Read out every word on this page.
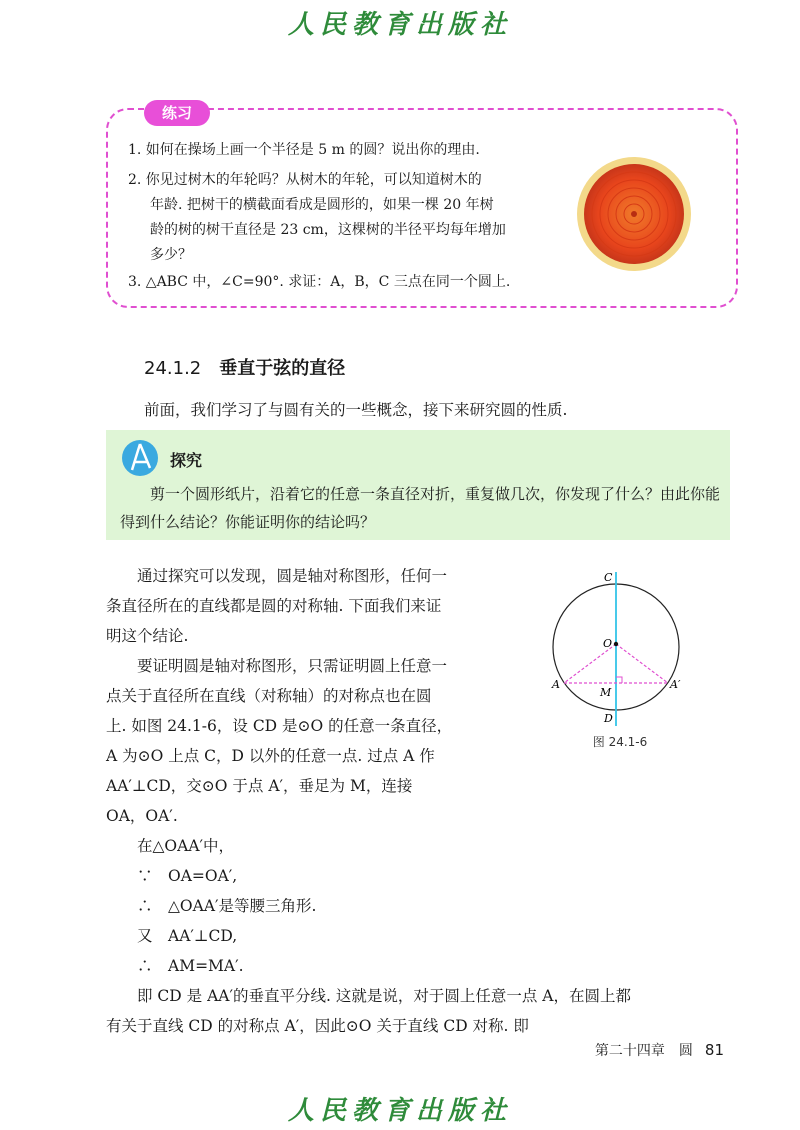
人民教育出版社
练习
1. 如何在操场上画一个半径是 5 m 的圆？说出你的理由.
2. 你见过树木的年轮吗？从树木的年轮，可以知道树木的
年龄. 把树干的横截面看成是圆形的，如果一棵 20 年树
龄的树的树干直径是 23 cm，这棵树的半径平均每年增加
多少？
3. △ABC 中，∠C=90°. 求证：A，B，C 三点在同一个圆上.
24.1.2 垂直于弦的直径
前面，我们学习了与圆有关的一些概念，接下来研究圆的性质.
探究
剪一个圆形纸片，沿着它的任意一条直径对折，重复做几次，你发现了什么？由此你能得到什么结论？你能证明你的结论吗？
　　通过探究可以发现，圆是轴对称图形，任何一
条直径所在的直线都是圆的对称轴. 下面我们来证
明这个结论.
　　要证明圆是轴对称图形，只需证明圆上任意一
点关于直径所在直线（对称轴）的对称点也在圆
上. 如图 24.1-6，设 CD 是⊙O 的任意一条直径，
A 为⊙O 上点 C，D 以外的任意一点. 过点 A 作
AA′⊥CD，交⊙O 于点 A′，垂足为 M，连接
OA，OA′.
　　在△OAA′中，
　　∵　OA=OA′,
　　∴　△OAA′是等腰三角形.
　　又　AA′⊥CD,
　　∴　AM=MA′.
　　即 CD 是 AA′的垂直平分线. 这就是说，对于圆上任意一点 A，在圆上都
有关于直线 CD 的对称点 A′，因此⊙O 关于直线 CD 对称. 即
C
O
A	A′
M
D
图 24.1-6
第二十四章　圆 81
人民教育出版社
